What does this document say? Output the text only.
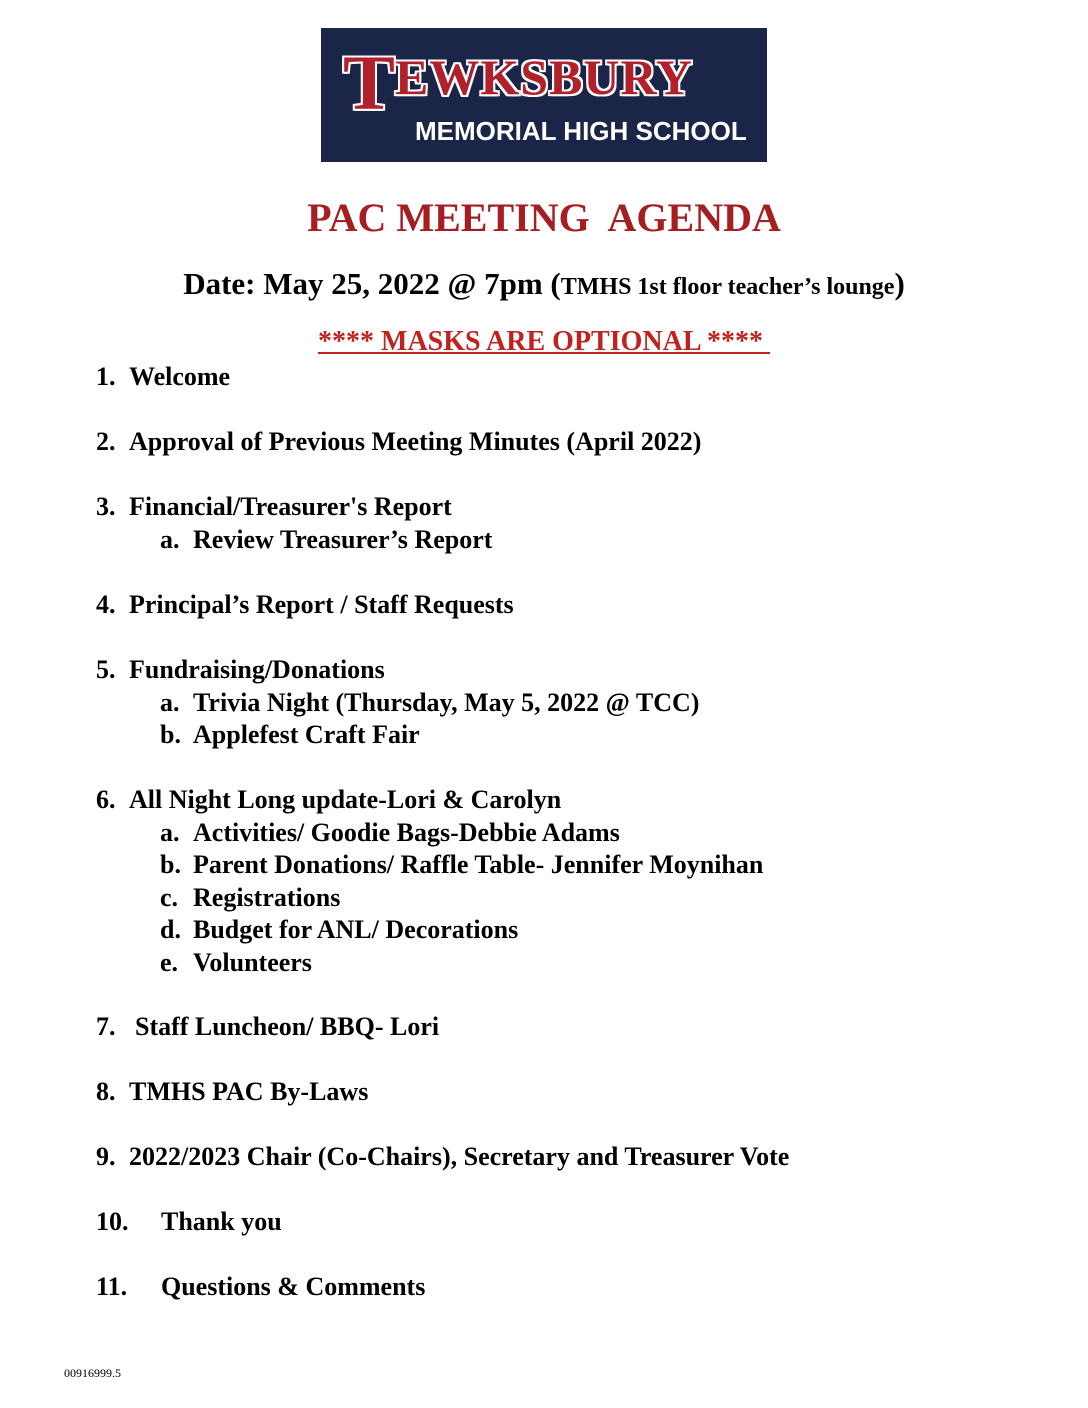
TEWKSBURY
MEMORIAL HIGH SCHOOL
PAC MEETING  AGENDA
Date: May 25, 2022 @ 7pm (TMHS 1st floor teacher’s lounge)
**** MASKS ARE OPTIONAL ****
1. Welcome
2. Approval of Previous Meeting Minutes (April 2022)
3. Financial/Treasurer's Report
a. Review Treasurer’s Report
4. Principal’s Report / Staff Requests
5. Fundraising/Donations
a. Trivia Night (Thursday, May 5, 2022 @ TCC)
b. Applefest Craft Fair
6. All Night Long update-Lori & Carolyn
a. Activities/ Goodie Bags-Debbie Adams
b. Parent Donations/ Raffle Table- Jennifer Moynihan
c. Registrations
d. Budget for ANL/ Decorations
e. Volunteers
7. Staff Luncheon/ BBQ- Lori
8. TMHS PAC By-Laws
9. 2022/2023 Chair (Co-Chairs), Secretary and Treasurer Vote
10. Thank you
11. Questions & Comments
00916999.5
